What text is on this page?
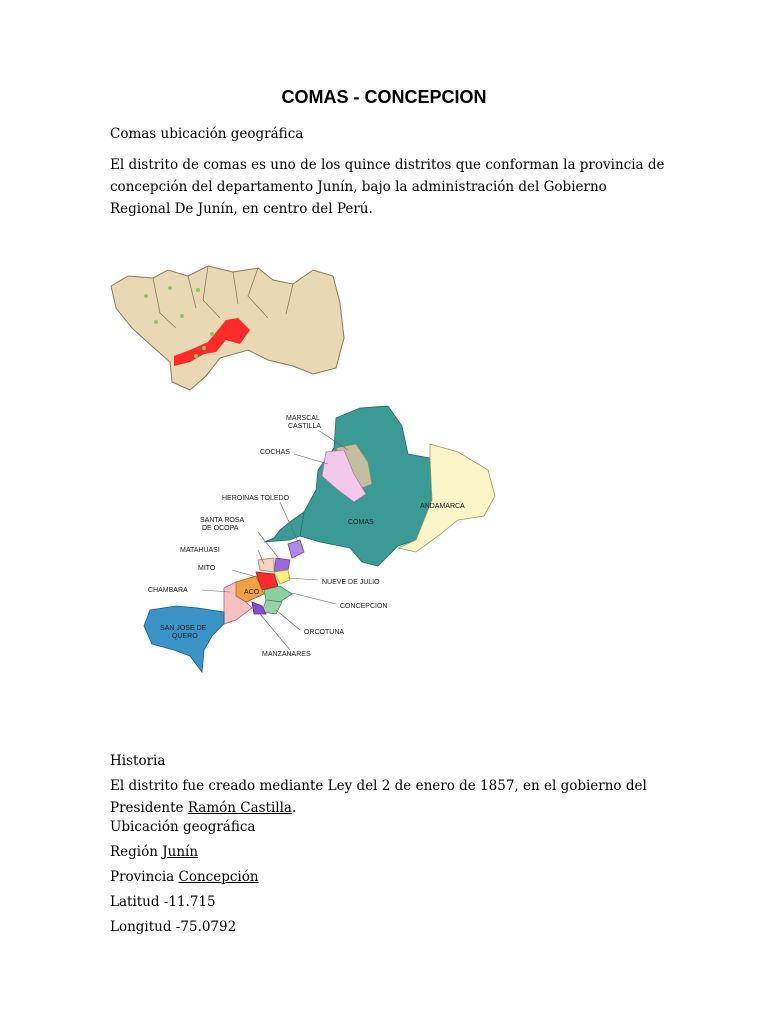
COMAS - CONCEPCION
Comas ubicación geográfica
El distrito de comas es uno de los quince distritos que conforman la provincia de concepción del departamento Junín, bajo la administración del Gobierno Regional De Junín, en centro del Perú.
MARSCAL
CASTILLA
COCHAS
HEROINAS TOLEDO
SANTA ROSA
DE OCOPA
MATAHUASI
MITO
CHAMBARA	ACO
SAN JOSE DE
QUERO
COMAS
ANDAMARCA
NUEVE DE JULIO
CONCEPCION
ORCOTUNA
MANZANARES
Historia
El distrito fue creado mediante Ley del 2 de enero de 1857, en el gobierno del Presidente Ramón Castilla.
Ubicación geográfica
Región Junín
Provincia Concepción
Latitud -11.715
Longitud -75.0792
